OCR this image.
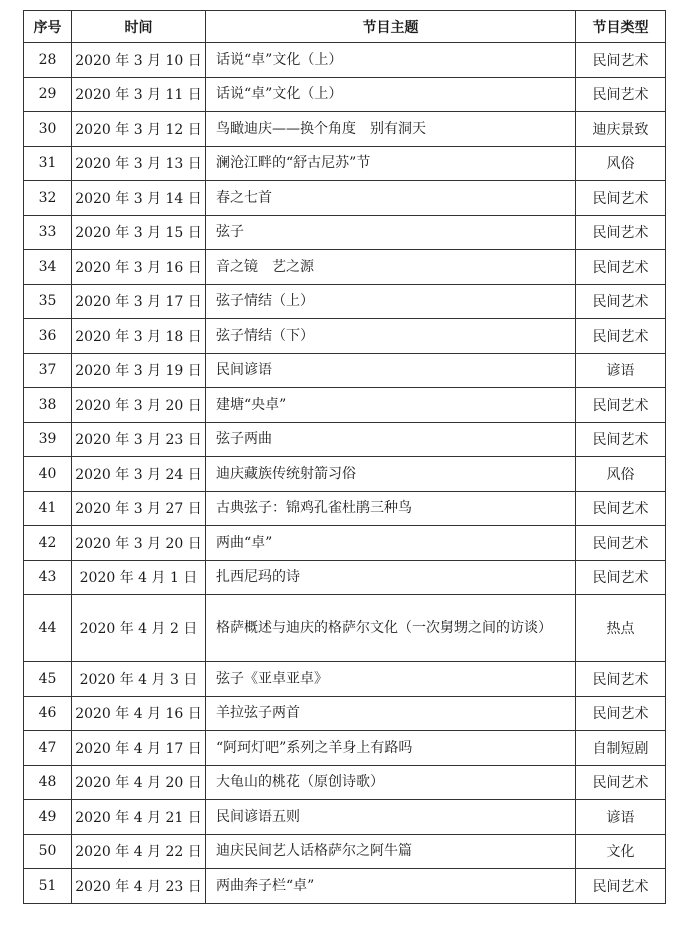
序号	时间	节目主题	节目类型
28	2020 年 3 月 10 日	话说“卓”文化（上）	民间艺术
29	2020 年 3 月 11 日	话说“卓”文化（上）	民间艺术
30	2020 年 3 月 12 日	鸟瞰迪庆——换个角度　别有洞天	迪庆景致
31	2020 年 3 月 13 日	澜沧江畔的“舒古尼苏”节	风俗
32	2020 年 3 月 14 日	春之七首	民间艺术
33	2020 年 3 月 15 日	弦子	民间艺术
34	2020 年 3 月 16 日	音之镜　艺之源	民间艺术
35	2020 年 3 月 17 日	弦子情结（上）	民间艺术
36	2020 年 3 月 18 日	弦子情结（下）	民间艺术
37	2020 年 3 月 19 日	民间谚语	谚语
38	2020 年 3 月 20 日	建塘“央卓”	民间艺术
39	2020 年 3 月 23 日	弦子两曲	民间艺术
40	2020 年 3 月 24 日	迪庆藏族传统射箭习俗	风俗
41	2020 年 3 月 27 日	古典弦子：锦鸡孔雀杜鹃三种鸟	民间艺术
42	2020 年 3 月 20 日	两曲“卓”	民间艺术
43	2020 年 4 月 1 日	扎西尼玛的诗	民间艺术
44	2020 年 4 月 2 日	格萨概述与迪庆的格萨尔文化（一次舅甥之间的访谈）	热点
45	2020 年 4 月 3 日	弦子《亚卓亚卓》	民间艺术
46	2020 年 4 月 16 日	羊拉弦子两首	民间艺术
47	2020 年 4 月 17 日	“阿珂灯吧”系列之羊身上有路吗	自制短剧
48	2020 年 4 月 20 日	大龟山的桃花（原创诗歌）	民间艺术
49	2020 年 4 月 21 日	民间谚语五则	谚语
50	2020 年 4 月 22 日	迪庆民间艺人话格萨尔之阿牛篇	文化
51	2020 年 4 月 23 日	两曲奔子栏“卓”	民间艺术
